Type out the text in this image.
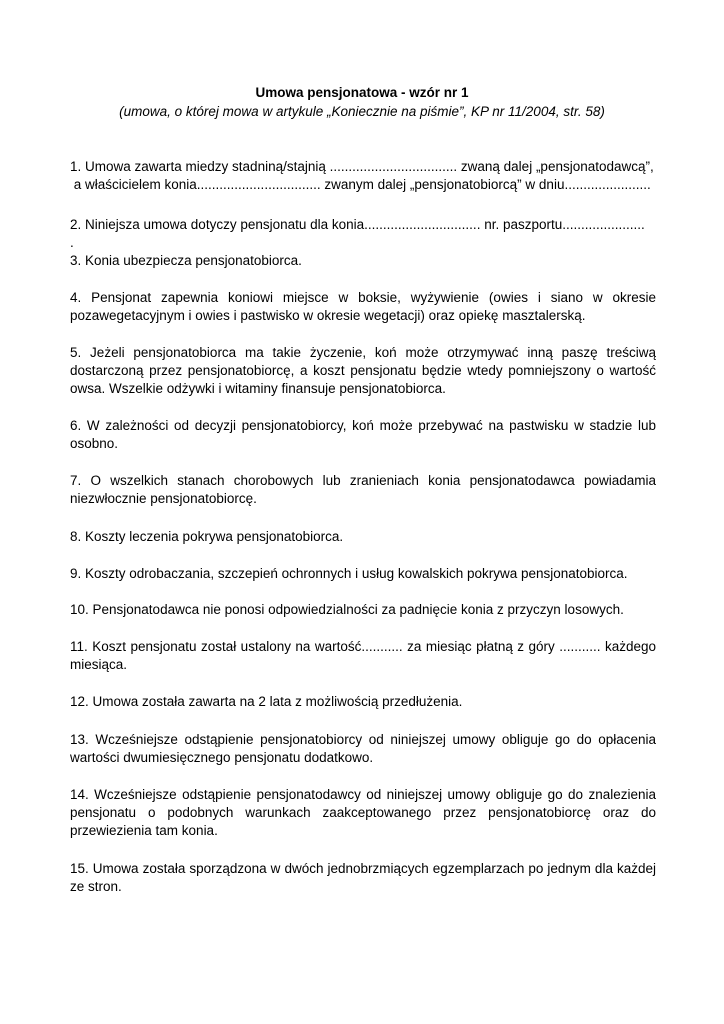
Umowa pensjonatowa - wzór nr 1
(umowa, o której mowa w artykule „Koniecznie na piśmie”, KP nr 11/2004, str. 58)
1. Umowa zawarta miedzy stadniną/stajnią .................................. zwaną dalej „pensjonatodawcą”,
a właścicielem konia................................. zwanym dalej „pensjonatobiorcą” w dniu.......................
2. Niniejsza umowa dotyczy pensjonatu dla konia............................... nr. paszportu......................
.
3. Konia ubezpiecza pensjonatobiorca.
4. Pensjonat zapewnia koniowi miejsce w boksie, wyżywienie (owies i siano w okresie pozawegetacyjnym i owies i pastwisko w okresie wegetacji) oraz opiekę masztalerską.
5. Jeżeli pensjonatobiorca ma takie życzenie, koń może otrzymywać inną paszę treściwą dostarczoną przez pensjonatobiorcę, a koszt pensjonatu będzie wtedy pomniejszony o wartość owsa. Wszelkie odżywki i witaminy finansuje pensjonatobiorca.
6. W zależności od decyzji pensjonatobiorcy, koń może przebywać na pastwisku w stadzie lub osobno.
7. O wszelkich stanach chorobowych lub zranieniach konia pensjonatodawca powiadamia niezwłocznie pensjonatobiorcę.
8. Koszty leczenia pokrywa pensjonatobiorca.
9. Koszty odrobaczania, szczepień ochronnych i usług kowalskich pokrywa pensjonatobiorca.
10. Pensjonatodawca nie ponosi odpowiedzialności za padnięcie konia z przyczyn losowych.
11. Koszt pensjonatu został ustalony na wartość........... za miesiąc płatną z góry ........... każdego miesiąca.
12. Umowa została zawarta na 2 lata z możliwością przedłużenia.
13. Wcześniejsze odstąpienie pensjonatobiorcy od niniejszej umowy obliguje go do opłacenia wartości dwumiesięcznego pensjonatu dodatkowo.
14. Wcześniejsze odstąpienie pensjonatodawcy od niniejszej umowy obliguje go do znalezienia pensjonatu o podobnych warunkach zaakceptowanego przez pensjonatobiorcę oraz do przewiezienia tam konia.
15. Umowa została sporządzona w dwóch jednobrzmiących egzemplarzach po jednym dla każdej ze stron.
